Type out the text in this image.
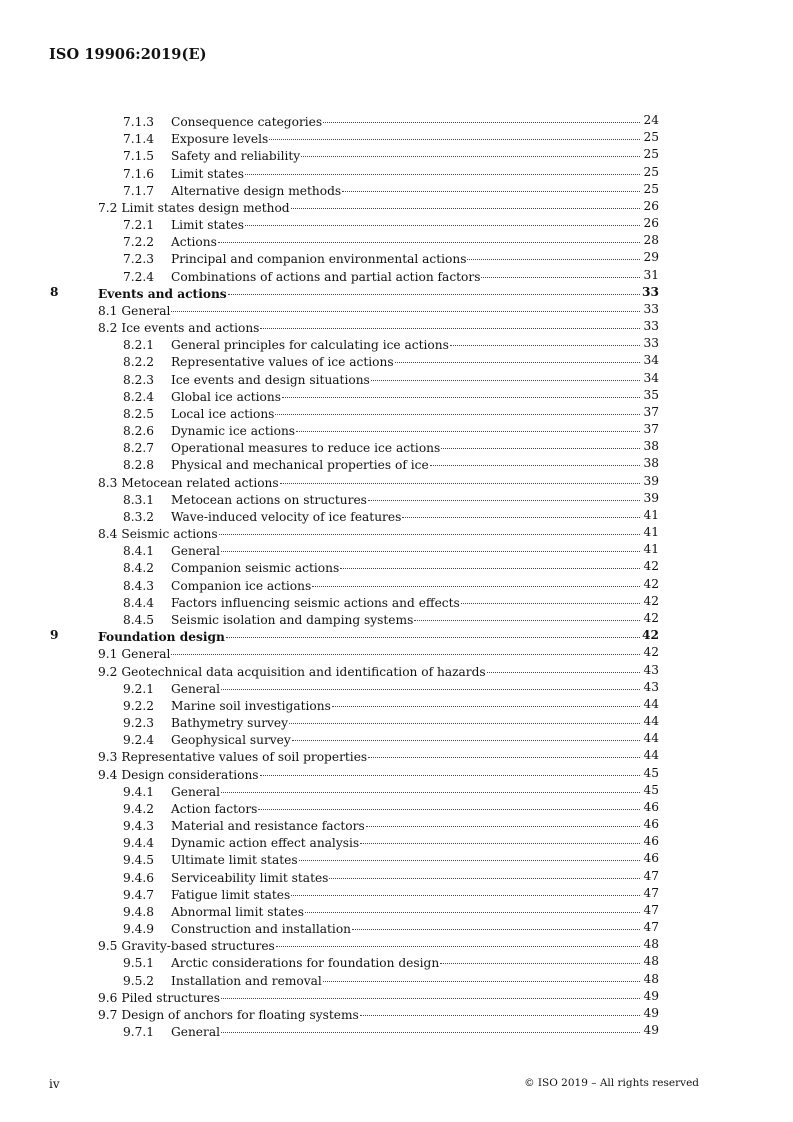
ISO 19906:2019(E)
7.1.3	Consequence categories	24
7.1.4	Exposure levels	25
7.1.5	Safety and reliability	25
7.1.6	Limit states	25
7.1.7	Alternative design methods	25
7.2 Limit states design method	26
7.2.1	Limit states	26
7.2.2	Actions	28
7.2.3	Principal and companion environmental actions	29
7.2.4	Combinations of actions and partial action factors	31
8	Events and actions	33
8.1 General	33
8.2 Ice events and actions	33
8.2.1	General principles for calculating ice actions	33
8.2.2	Representative values of ice actions	34
8.2.3	Ice events and design situations	34
8.2.4	Global ice actions	35
8.2.5	Local ice actions	37
8.2.6	Dynamic ice actions	37
8.2.7	Operational measures to reduce ice actions	38
8.2.8	Physical and mechanical properties of ice	38
8.3 Metocean related actions	39
8.3.1	Metocean actions on structures	39
8.3.2	Wave-induced velocity of ice features	41
8.4 Seismic actions	41
8.4.1	General	41
8.4.2	Companion seismic actions	42
8.4.3	Companion ice actions	42
8.4.4	Factors influencing seismic actions and effects	42
8.4.5	Seismic isolation and damping systems	42
9	Foundation design	42
9.1 General	42
9.2 Geotechnical data acquisition and identification of hazards	43
9.2.1	General	43
9.2.2	Marine soil investigations	44
9.2.3	Bathymetry survey	44
9.2.4	Geophysical survey	44
9.3 Representative values of soil properties	44
9.4 Design considerations	45
9.4.1	General	45
9.4.2	Action factors	46
9.4.3	Material and resistance factors	46
9.4.4	Dynamic action effect analysis	46
9.4.5	Ultimate limit states	46
9.4.6	Serviceability limit states	47
9.4.7	Fatigue limit states	47
9.4.8	Abnormal limit states	47
9.4.9	Construction and installation	47
9.5 Gravity-based structures	48
9.5.1	Arctic considerations for foundation design	48
9.5.2	Installation and removal	48
9.6 Piled structures	49
9.7 Design of anchors for floating systems	49
9.7.1	General	49
iv	© ISO 2019 – All rights reserved
